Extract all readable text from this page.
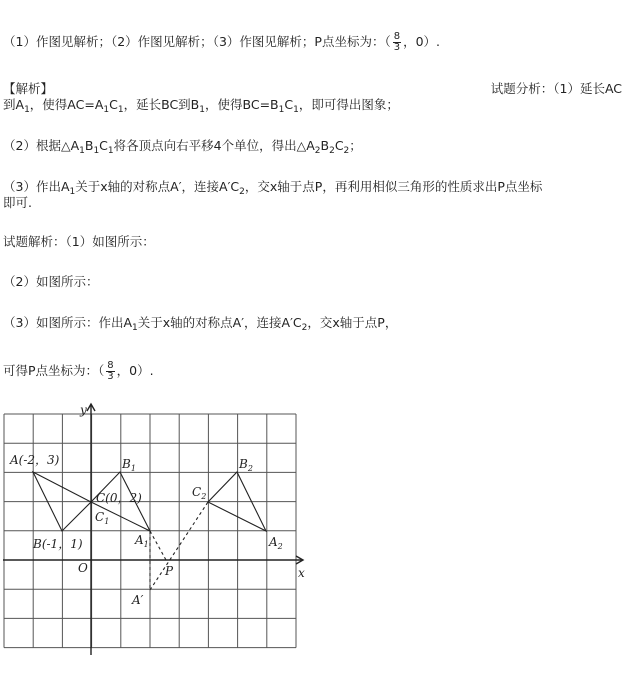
（1）作图见解析；（2）作图见解析；（3）作图见解析；P点坐标为：（ $\frac{8}{3}$ ，0）.
【解析】	试题分析：（1）延长AC
到$A_1$，使得$AC=A_1C_1$，延长BC到$B_1$，使得$BC=B_1C_1$，即可得出图象；
（2）根据$\triangle A_1B_1C_1$将各顶点向右平移4个单位，得出$\triangle A_2B_2C_2$；
（3）作出$A_1$关于x轴的对称点A′，连接$A'C_2$，交x轴于点P，再利用相似三角形的性质求出P点坐标
即可.
试题解析：（1）如图所示：
（2）如图所示：
（3）如图所示：作出$A_1$关于x轴的对称点A′，连接$A'C_2$，交x轴于点P，
可得P点坐标为：（ $\frac{8}{3}$ ，0）.
A(-2，3)
B(-1，1)
C(0，2)
$B_1$
$C_1$
$A_1$
$B_2$
$C_2$
$A_2$
O	P
A′
x
y
